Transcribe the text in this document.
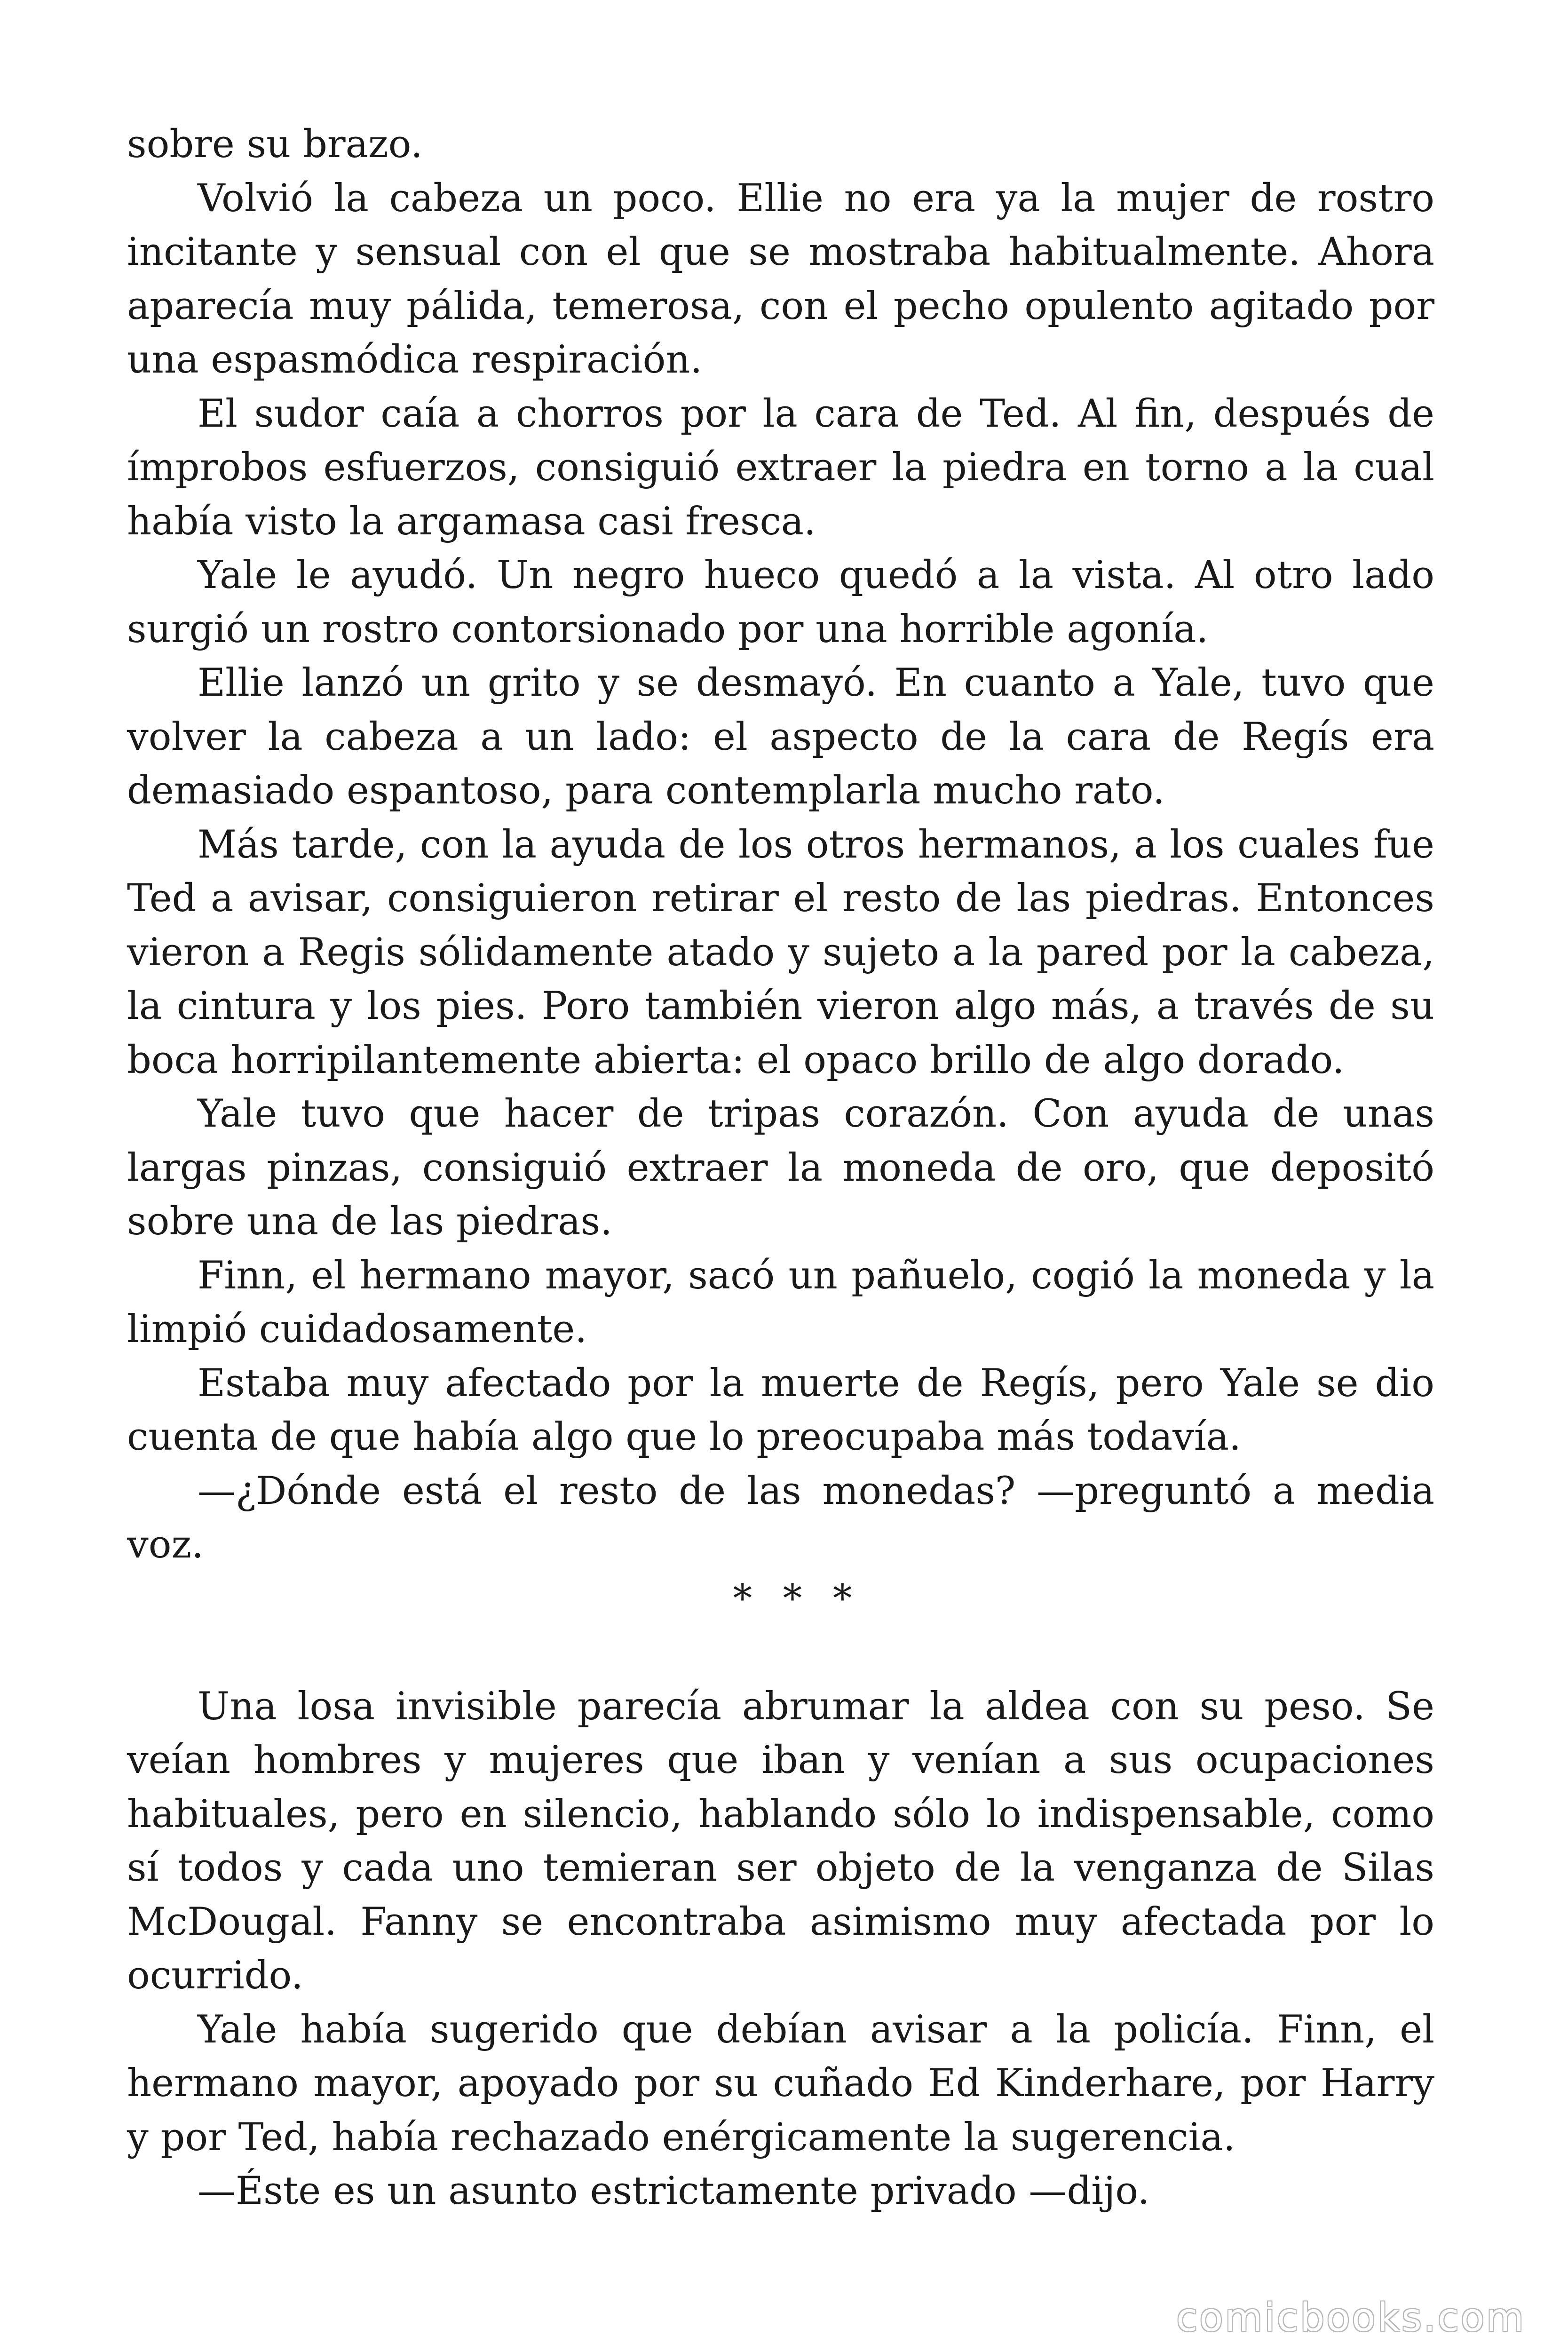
sobre su brazo.

Volvió la cabeza un poco. Ellie no era ya la mujer de rostro incitante y sensual con el que se mostraba habitualmente. Ahora aparecía muy pálida, temerosa, con el pecho opulento agitado por una espasmódica respiración.

El sudor caía a chorros por la cara de Ted. Al fin, después de ímprobos esfuerzos, consiguió extraer la piedra en torno a la cual había visto la argamasa casi fresca.

Yale le ayudó. Un negro hueco quedó a la vista. Al otro lado surgió un rostro contorsionado por una horrible agonía.

Ellie lanzó un grito y se desmayó. En cuanto a Yale, tuvo que volver la cabeza a un lado: el aspecto de la cara de Regís era demasiado espantoso, para contemplarla mucho rato.

Más tarde, con la ayuda de los otros hermanos, a los cuales fue Ted a avisar, consiguieron retirar el resto de las piedras. Entonces vieron a Regis sólidamente atado y sujeto a la pared por la cabeza, la cintura y los pies. Poro también vieron algo más, a través de su boca horripilantemente abierta: el opaco brillo de algo dorado.

Yale tuvo que hacer de tripas corazón. Con ayuda de unas largas pinzas, consiguió extraer la moneda de oro, que depositó sobre una de las piedras.

Finn, el hermano mayor, sacó un pañuelo, cogió la moneda y la limpió cuidadosamente.

Estaba muy afectado por la muerte de Regís, pero Yale se dio cuenta de que había algo que lo preocupaba más todavía.

—¿Dónde está el resto de las monedas? —preguntó a media voz.

* * *

Una losa invisible parecía abrumar la aldea con su peso. Se veían hombres y mujeres que iban y venían a sus ocupaciones habituales, pero en silencio, hablando sólo lo indispensable, como sí todos y cada uno temieran ser objeto de la venganza de Silas McDougal. Fanny se encontraba asimismo muy afectada por lo ocurrido.

Yale había sugerido que debían avisar a la policía. Finn, el hermano mayor, apoyado por su cuñado Ed Kinderhare, por Harry y por Ted, había rechazado enérgicamente la sugerencia.

—Éste es un asunto estrictamente privado —dijo.

comicbooks.com
